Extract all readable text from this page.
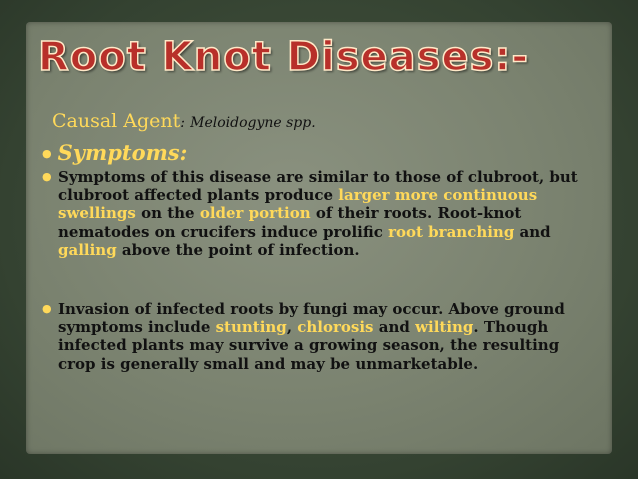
Root Knot Diseases:-
Causal Agent: Meloidogyne spp.
● Symptoms:
● Symptoms of this disease are similar to those of clubroot, but clubroot affected plants produce larger more continuous swellings on the older portion of their roots. Root-knot nematodes on crucifers induce prolific root branching and galling above the point of infection.
● Invasion of infected roots by fungi may occur. Above ground symptoms include stunting, chlorosis and wilting. Though infected plants may survive a growing season, the resulting crop is generally small and may be unmarketable.
